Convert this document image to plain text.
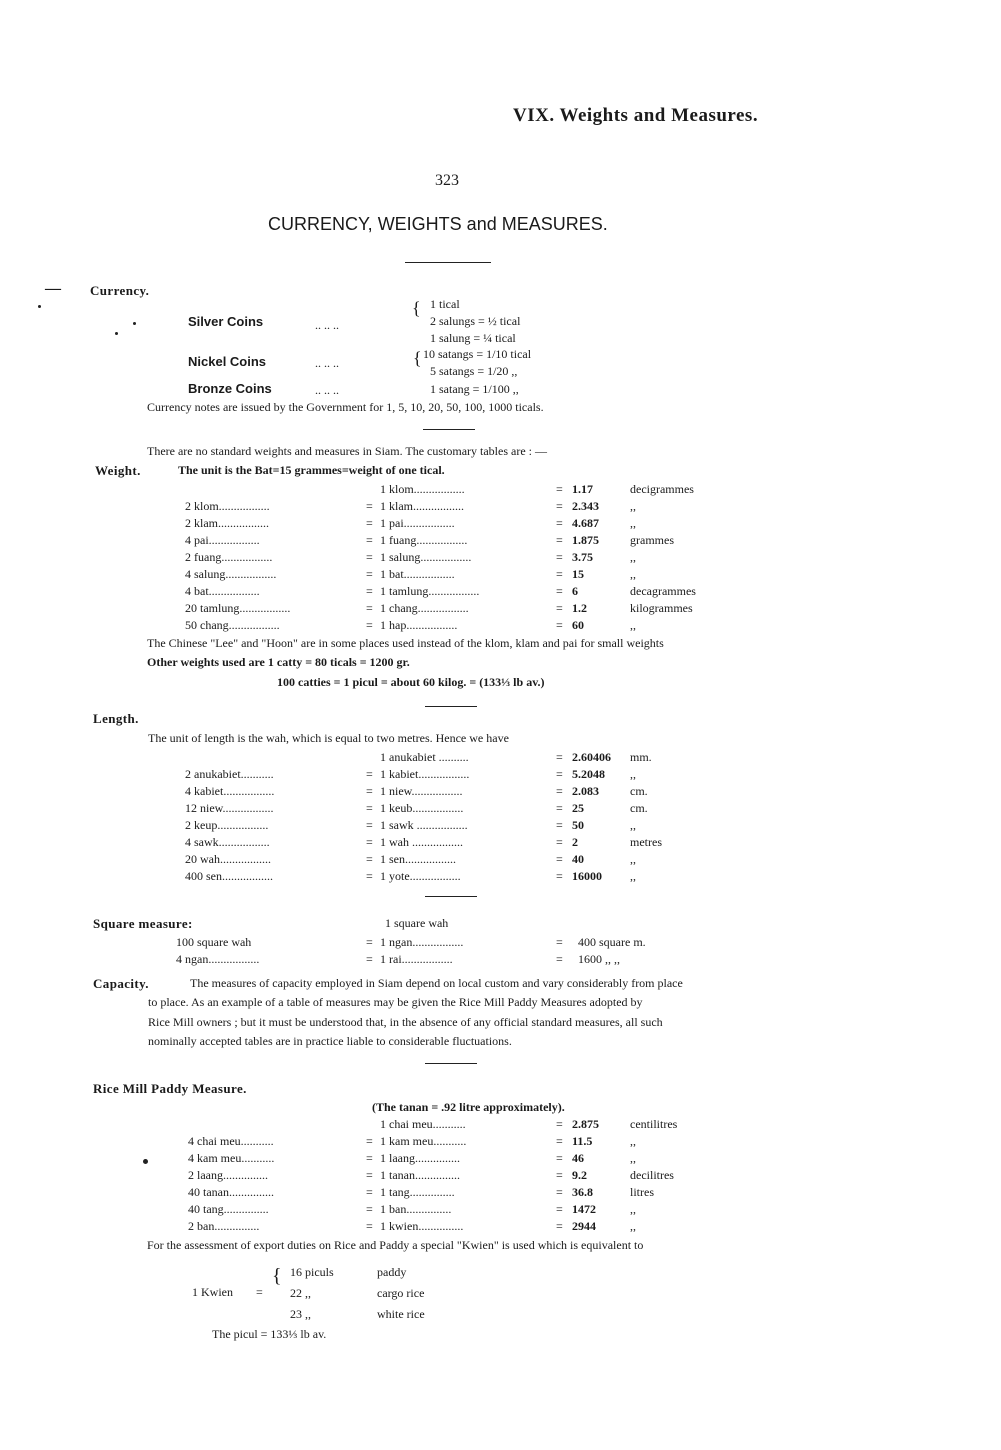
VIX. Weights and Measures.
323
CURRENCY, WEIGHTS and MEASURES.
— Currency.
Silver Coins	.. .. ..
{ 1 tical
2 salungs = ½ tical
1 salung = ¼ tical
Nickel Coins	.. .. ..	{ 10 satangs = 1/10 tical
5 satangs = 1/20 ,,
Bronze Coins	.. .. ..	1 satang = 1/100 ,,
Currency notes are issued by the Government for 1, 5, 10, 20, 50, 100, 1000 ticals.
There are no standard weights and measures in Siam. The customary tables are : —
Weight.	The unit is the Bat=15 grammes=weight of one tical.
1 klom.................	= 1.17	decigrammes
2 klom.................	= 1 klam.................	= 2.343	,,
2 klam.................	= 1 pai.................	= 4.687	,,
4 pai.................	= 1 fuang.................	= 1.875	grammes
2 fuang.................	= 1 salung.................	= 3.75	,,
4 salung.................	= 1 bat.................	= 15	,,
4 bat.................	= 1 tamlung.................	= 6	decagrammes
20 tamlung.................	= 1 chang.................	= 1.2	kilogrammes
50 chang.................	= 1 hap.................	= 60	,,
The Chinese "Lee" and "Hoon" are in some places used instead of the klom, klam and pai for small weights
Other weights used are 1 catty = 80 ticals = 1200 gr.
100 catties = 1 picul = about 60 kilog. = (133⅓ lb av.)
Length.
The unit of length is the wah, which is equal to two metres. Hence we have
1 anukabiet ..........	= 2.60406 mm.
2 anukabiet...........	= 1 kabiet.................	= 5.2048 ,,
4 kabiet.................	= 1 niew.................	= 2.083	cm.
12 niew.................	= 1 keub.................	= 25	cm.
2 keup.................	= 1 sawk .................	= 50	,,
4 sawk.................	= 1 wah .................	= 2	metres
20 wah.................	= 1 sen.................	= 40	,,
400 sen.................	= 1 yote.................	= 16000 ,,
Square measure:	1 square wah
100 square wah	= 1 ngan.................	= 400 square m.
4 ngan.................	= 1 rai.................	= 1600 ,, ,,
Capacity.	The measures of capacity employed in Siam depend on local custom and vary considerably from place
to place. As an example of a table of measures may be given the Rice Mill Paddy Measures adopted by
Rice Mill owners ; but it must be understood that, in the absence of any official standard measures, all such
nominally accepted tables are in practice liable to considerable fluctuations.
Rice Mill Paddy Measure.
(The tanan = .92 litre approximately).
1 chai meu...........	= 2.875	centilitres
4 chai meu...........	= 1 kam meu...........	= 11.5	,,
4 kam meu...........	= 1 laang...............	= 46	,,
2 laang...............	= 1 tanan...............	= 9.2	decilitres
40 tanan...............	= 1 tang...............	= 36.8	litres
40 tang...............	= 1 ban...............	= 1472	,,
2 ban...............	= 1 kwien...............	= 2944	,,
For the assessment of export duties on Rice and Paddy a special "Kwien" is used which is equivalent to
1 Kwien =
{ 16 piculs	paddy
22 ,,	cargo rice
23 ,,	white rice
The picul = 133⅓ lb av.
